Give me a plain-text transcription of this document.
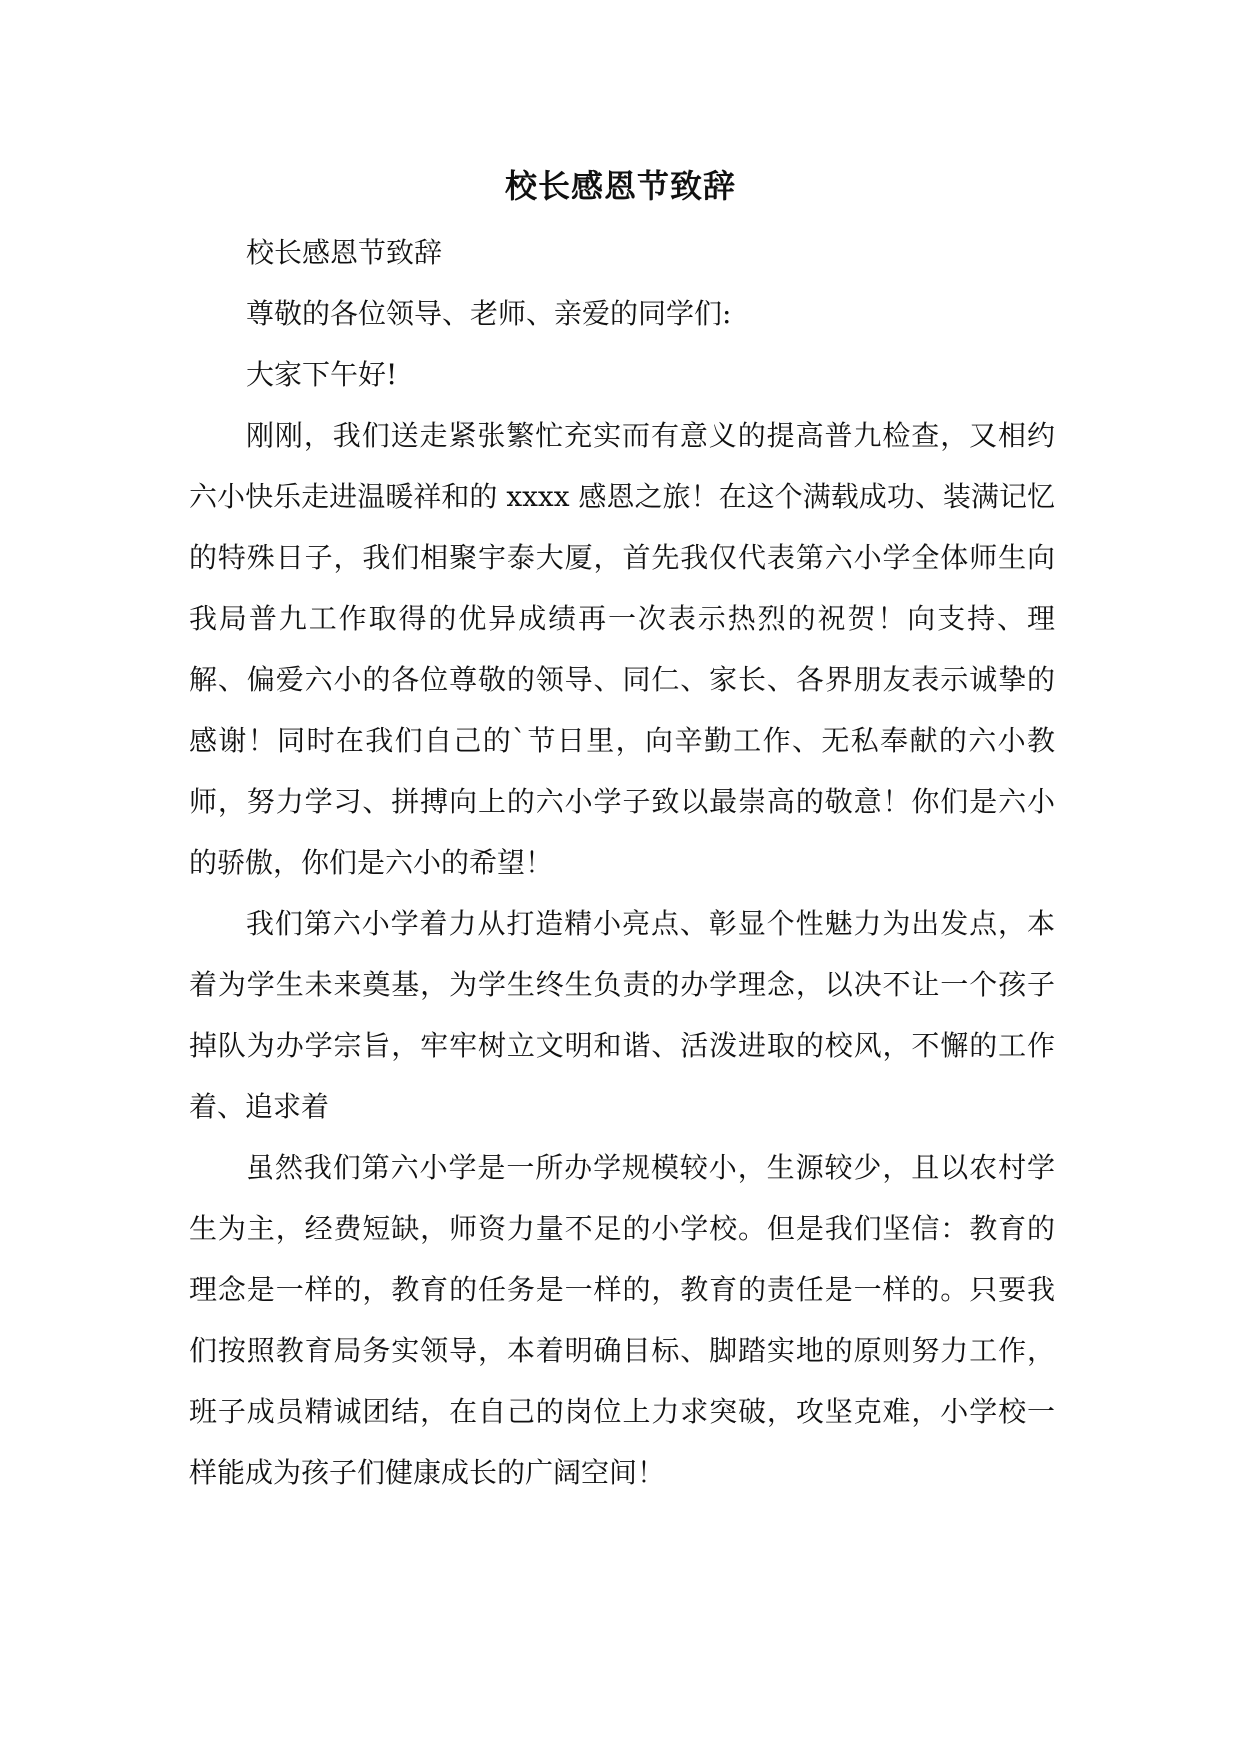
校长感恩节致辞

校长感恩节致辞

尊敬的各位领导、老师、亲爱的同学们:

大家下午好!

刚刚，我们送走紧张繁忙充实而有意义的提高普九检查，又相约六小快乐走进温暖祥和的 xxxx 感恩之旅！在这个满载成功、装满记忆的特殊日子，我们相聚宇泰大厦，首先我仅代表第六小学全体师生向我局普九工作取得的优异成绩再一次表示热烈的祝贺！向支持、理解、偏爱六小的各位尊敬的领导、同仁、家长、各界朋友表示诚挚的感谢！同时在我们自己的`节日里，向辛勤工作、无私奉献的六小教师，努力学习、拼搏向上的六小学子致以最崇高的敬意！你们是六小的骄傲，你们是六小的希望！

我们第六小学着力从打造精小亮点、彰显个性魅力为出发点，本着为学生未来奠基，为学生终生负责的办学理念，以决不让一个孩子掉队为办学宗旨，牢牢树立文明和谐、活泼进取的校风，不懈的工作着、追求着

虽然我们第六小学是一所办学规模较小，生源较少，且以农村学生为主，经费短缺，师资力量不足的小学校。但是我们坚信：教育的理念是一样的，教育的任务是一样的，教育的责任是一样的。只要我们按照教育局务实领导，本着明确目标、脚踏实地的原则努力工作，班子成员精诚团结，在自己的岗位上力求突破，攻坚克难，小学校一样能成为孩子们健康成长的广阔空间！
